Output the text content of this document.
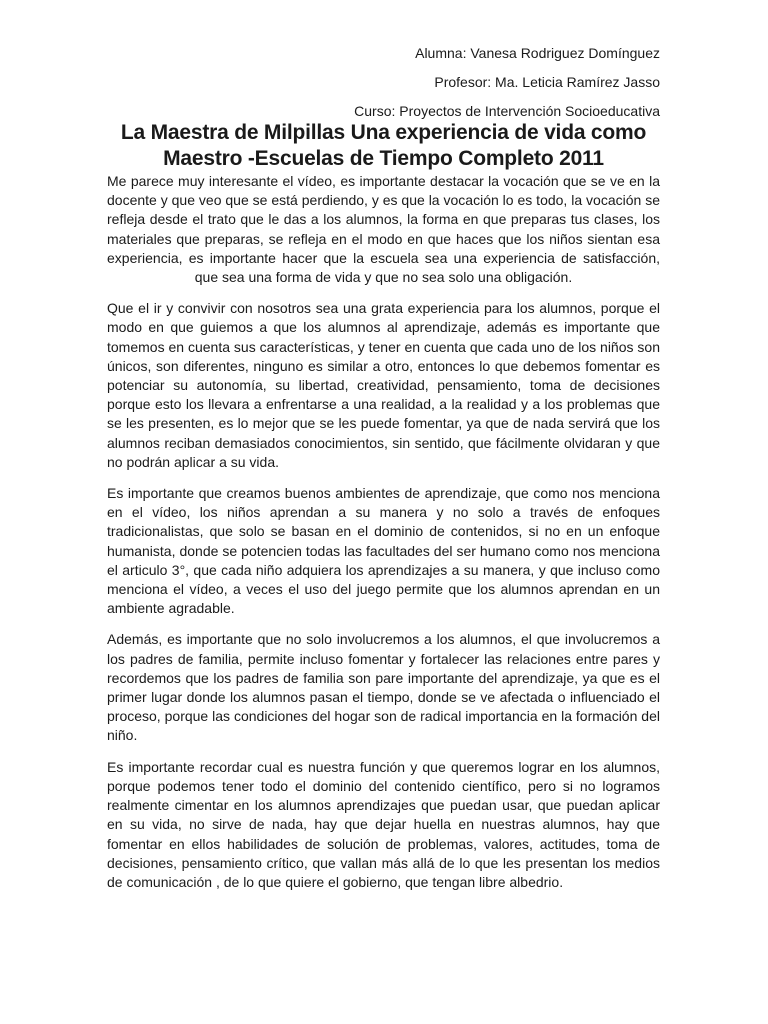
Alumna: Vanesa Rodriguez Domínguez
Profesor: Ma. Leticia Ramírez Jasso
Curso: Proyectos de Intervención Socioeducativa
La Maestra de Milpillas Una experiencia de vida como Maestro -Escuelas de Tiempo Completo 2011

Me parece muy interesante el vídeo, es importante destacar la vocación que se ve en la docente y que veo que se está perdiendo, y es que la vocación lo es todo, la vocación se refleja desde el trato que le das a los alumnos, la forma en que preparas tus clases, los materiales que preparas, se refleja en el modo en que haces que los niños sientan esa experiencia, es importante hacer que la escuela sea una experiencia de satisfacción, que sea una forma de vida y que no sea solo una obligación.

Que el ir y convivir con nosotros sea una grata experiencia para los alumnos, porque el modo en que guiemos a que los alumnos al aprendizaje, además es importante que tomemos en cuenta sus características, y tener en cuenta que cada uno de los niños son únicos, son diferentes, ninguno es similar a otro, entonces lo que debemos fomentar es potenciar su autonomía, su libertad, creatividad, pensamiento, toma de decisiones porque esto los llevara a enfrentarse a una realidad, a la realidad y a los problemas que se les presenten, es lo mejor que se les puede fomentar, ya que de nada servirá que los alumnos reciban demasiados conocimientos, sin sentido, que fácilmente olvidaran y que no podrán aplicar a su vida.

Es importante que creamos buenos ambientes de aprendizaje, que como nos menciona en el vídeo, los niños aprendan a su manera y no solo a través de enfoques tradicionalistas, que solo se basan en el dominio de contenidos, si no en un enfoque humanista, donde se potencien todas las facultades del ser humano como nos menciona el articulo 3°, que cada niño adquiera los aprendizajes a su manera, y que incluso como menciona el vídeo, a veces el uso del juego permite que los alumnos aprendan en un ambiente agradable.

Además, es importante que no solo involucremos a los alumnos, el que involucremos a los padres de familia, permite incluso fomentar y fortalecer las relaciones entre pares y recordemos que los padres de familia son pare importante del aprendizaje, ya que es el primer lugar donde los alumnos pasan el tiempo, donde se ve afectada o influenciado el proceso, porque las condiciones del hogar son de radical importancia en la formación del niño.

Es importante recordar cual es nuestra función y que queremos lograr en los alumnos, porque podemos tener todo el dominio del contenido científico, pero si no logramos realmente cimentar en los alumnos aprendizajes que puedan usar, que puedan aplicar en su vida, no sirve de nada, hay que dejar huella en nuestras alumnos, hay que fomentar en ellos habilidades de solución de problemas, valores, actitudes, toma de decisiones, pensamiento crítico, que vallan más allá de lo que les presentan los medios de comunicación , de lo que quiere el gobierno, que tengan libre albedrio.
